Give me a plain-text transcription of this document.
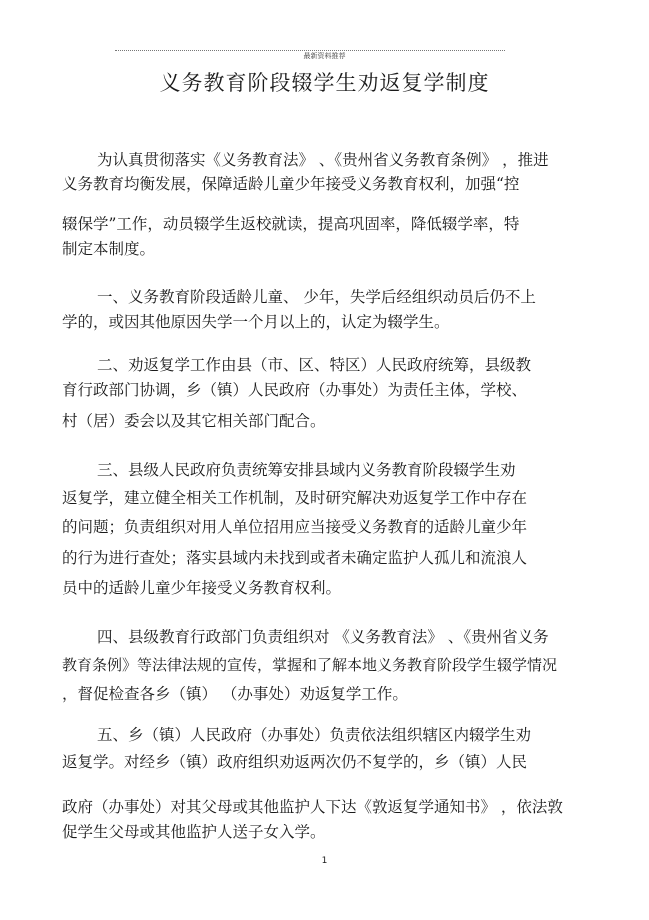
最新资料推荐
义务教育阶段辍学生劝返复学制度
为认真贯彻落实《义务教育法》 、《贵州省义务教育条例》 ，推进
义务教育均衡发展，保障适龄儿童少年接受义务教育权利，加强“控
辍保学”工作，动员辍学生返校就读，提高巩固率，降低辍学率，特
制定本制度。
一、义务教育阶段适龄儿童、 少年，失学后经组织动员后仍不上
学的，或因其他原因失学一个月以上的，认定为辍学生。
二、劝返复学工作由县（市、区、特区）人民政府统筹，县级教
育行政部门协调，乡（镇）人民政府（办事处）为责任主体，学校、
村（居）委会以及其它相关部门配合。
三、县级人民政府负责统筹安排县域内义务教育阶段辍学生劝
返复学，建立健全相关工作机制，及时研究解决劝返复学工作中存在
的问题；负责组织对用人单位招用应当接受义务教育的适龄儿童少年
的行为进行查处；落实县域内未找到或者未确定监护人孤儿和流浪人
员中的适龄儿童少年接受义务教育权利。
四、县级教育行政部门负责组织对 《义务教育法》 、《贵州省义务
教育条例》等法律法规的宣传，掌握和了解本地义务教育阶段学生辍学情况
，督促检查各乡（镇） （办事处）劝返复学工作。
五、乡（镇）人民政府（办事处）负责依法组织辖区内辍学生劝
返复学。对经乡（镇）政府组织劝返两次仍不复学的，乡（镇）人民
政府（办事处）对其父母或其他监护人下达《敦返复学通知书》 ，依法敦
促学生父母或其他监护人送子女入学。
1
